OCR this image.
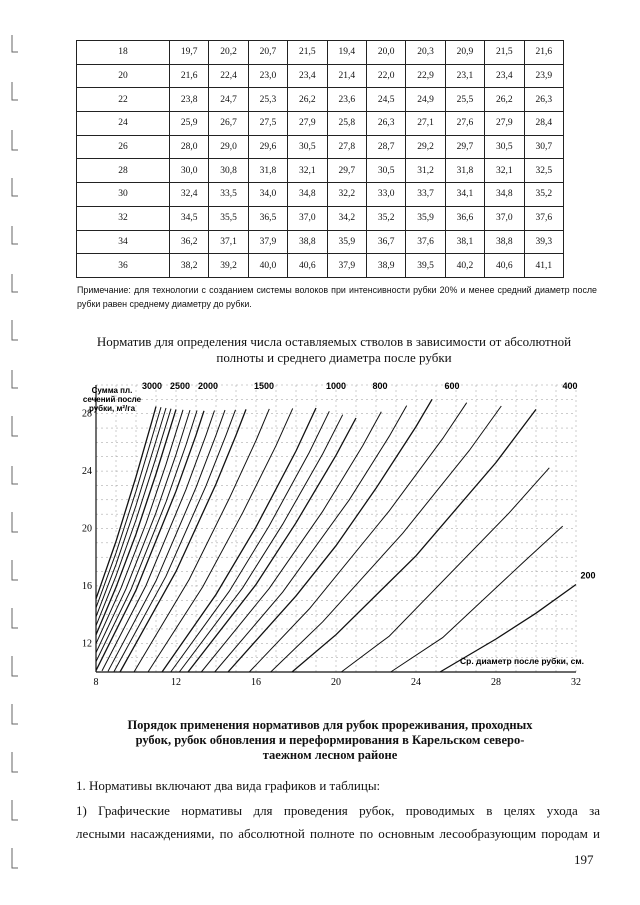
18	19,7	20,2	20,7	21,5	19,4	20,0	20,3	20,9	21,5	21,6
20	21,6	22,4	23,0	23,4	21,4	22,0	22,9	23,1	23,4	23,9
22	23,8	24,7	25,3	26,2	23,6	24,5	24,9	25,5	26,2	26,3
24	25,9	26,7	27,5	27,9	25,8	26,3	27,1	27,6	27,9	28,4
26	28,0	29,0	29,6	30,5	27,8	28,7	29,2	29,7	30,5	30,7
28	30,0	30,8	31,8	32,1	29,7	30,5	31,2	31,8	32,1	32,5
30	32,4	33,5	34,0	34,8	32,2	33,0	33,7	34,1	34,8	35,2
32	34,5	35,5	36,5	37,0	34,2	35,2	35,9	36,6	37,0	37,6
34	36,2	37,1	37,9	38,8	35,9	36,7	37,6	38,1	38,8	39,3
36	38,2	39,2	40,0	40,6	37,9	38,9	39,5	40,2	40,6	41,1
Примечание: для технологии с созданием системы волоков при интенсивности рубки 20% и менее средний диаметр после рубки равен среднему диаметру до рубки.
Норматив для определения числа оставляемых стволов в зависимости от абсолютной полноты и среднего диаметра после рубки
8	12	16	20	24	28	32
12
16
20
24
28
Сумма пл. сечений после рубки, м²/га
Ср. диаметр после рубки, см.
3000 2500 2000	1500	1000	800	600	400
200
Порядок применения нормативов для рубок прореживания, проходных рубок, рубок обновления и переформирования в Карельском северо-таежном лесном районе
1. Нормативы включают два вида графиков и таблицы:
1) Графические нормативы для проведения рубок, проводимых в целях ухода за
лесными насаждениями, по абсолютной полноте по основным лесообразующим породам и
197
